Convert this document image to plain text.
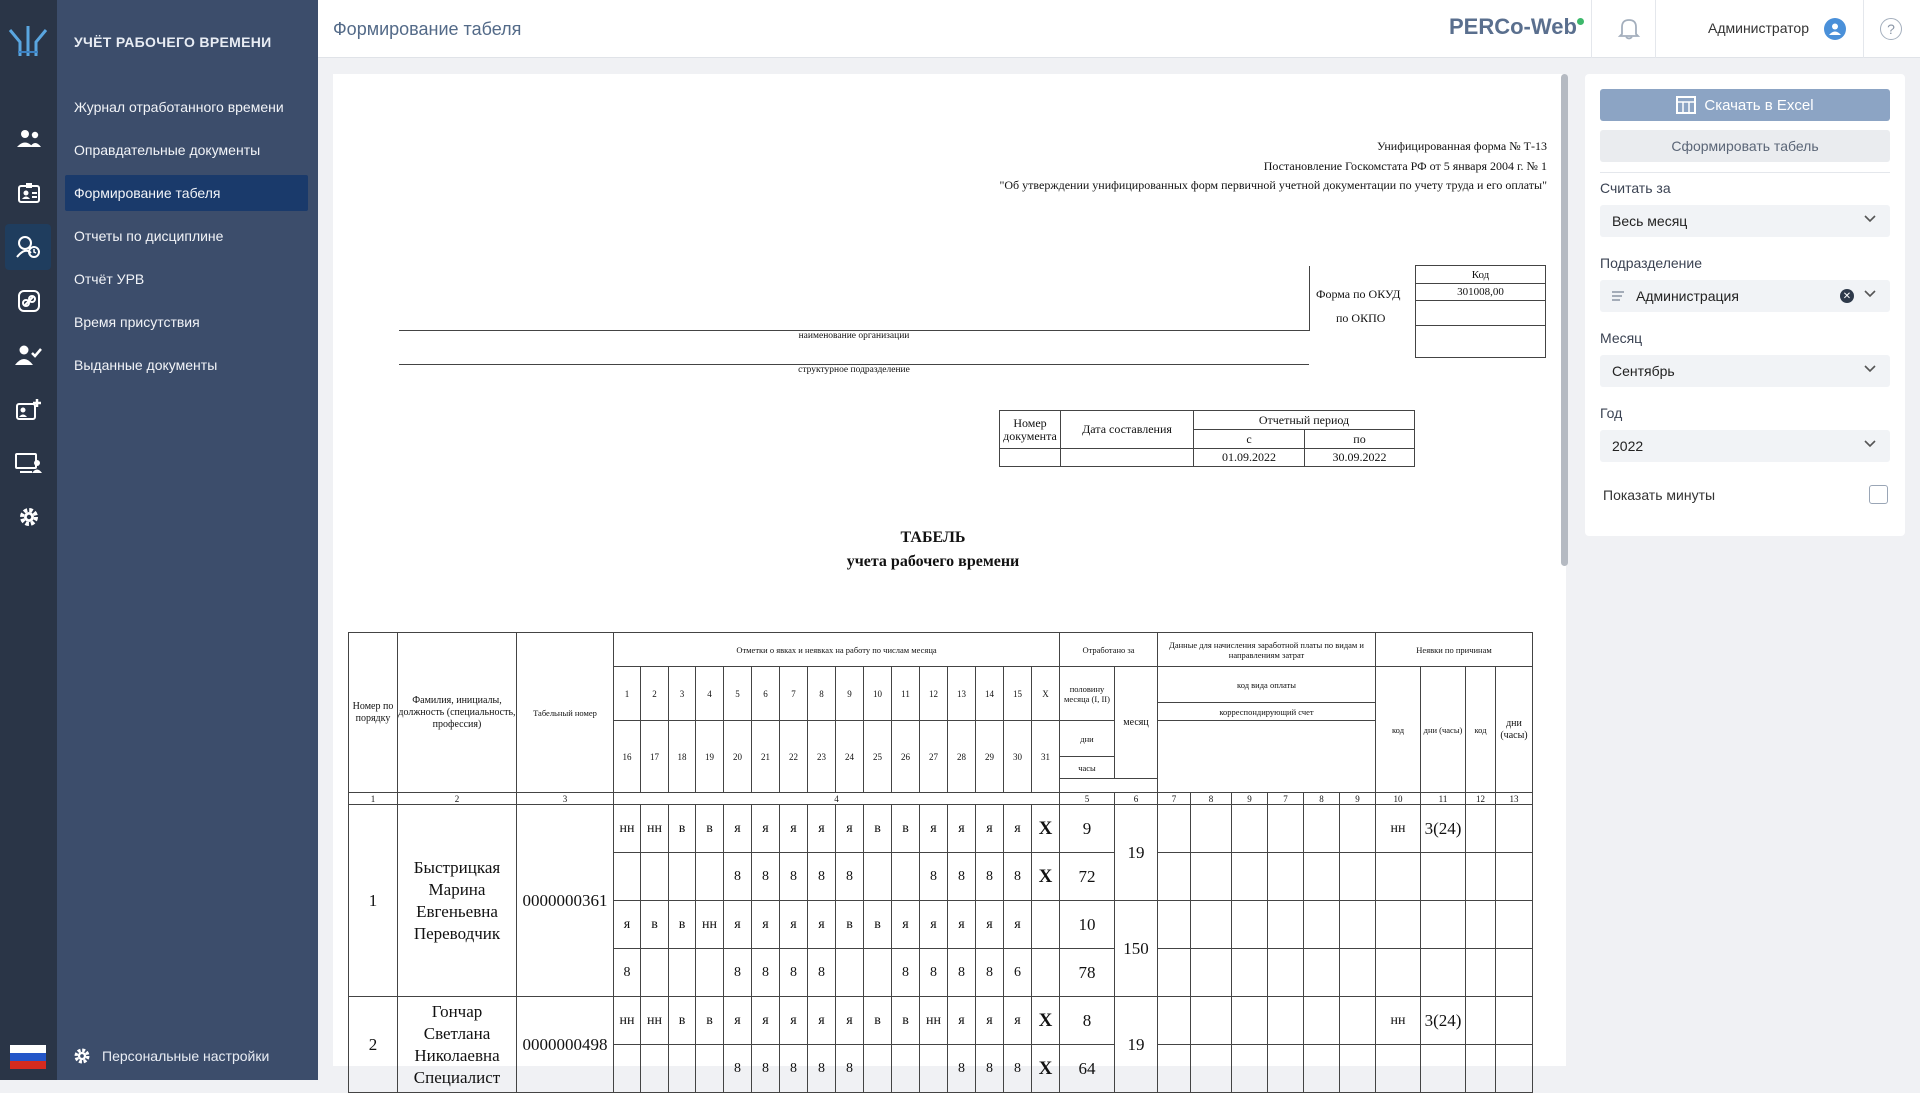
УЧЁТ РАБОЧЕГО ВРЕМЕНИ
Журнал отработанного времени
Оправдательные документы
Формирование табеля
Отчеты по дисциплине
Отчёт УРВ
Время присутствия
Выданные документы
Персональные настройки
Формирование табеля	PERCo-Web	Администратор	?
Унифицированная форма № Т-13
Постановление Госкомстата РФ от 5 января 2004 г. № 1
"Об утверждении унифицированных форм первичной учетной документации по учету труда и его оплаты"
наименование организации
структурное подразделение
Форма по ОКУД
по ОКПО
Код
301008,00

Номер документа	Дата составления	Отчетный период	
		с	по
		01.09.2022	30.09.2022
ТАБЕЛЬ
учета рабочего времени
Номер по порядку	Фамилия, инициалы, должность (специальность, профессия)	Табельный номер	Отметки о явках и неявках на работу по числам месяца																Отработано за		Данные для начисления заработной платы по видам и направлениям затрат						Неявки по причинам			
			1	2	3	4	5	6	7	8	9	10	11	12	13	14	15	X	половину месяца (I, II)	месяц	код вида оплаты						код	дни (часы)	код	дни (часы)
																					корреспондирующий счет									
			16	17	18	19	20	21	22	23	24	25	26	27	28	29	30	31	дни											
																			часы											

1	2	3	4																5	6	7	8	9	7	8	9	10	11	12	13
1	Быстрицкая Марина Евгеньевна Переводчик	0000000361	нн	нн	в	в	я	я	я	я	я	в	в	я	я	я	я	X	9	19							нн	3(24)		
							8	8	8	8	8			8	8	8	8	X	72											
			я	в	в	нн	я	я	я	я	в	в	я	я	я	я	я		10	150										
			8				8	8	8	8			8	8	8	8	6		78											
2	Гончар Светлана Николаевна Специалист	0000000498	нн	нн	в	в	я	я	я	я	я	в	в	нн	я	я	я	X	8	19							нн	3(24)		
							8	8	8	8	8				8	8	8	X	64											
Скачать в Excel
Сформировать табель
Считать за
Весь месяц
Подразделение
Администрация	✕
Месяц
Сентябрь
Год
2022
Показать минуты
